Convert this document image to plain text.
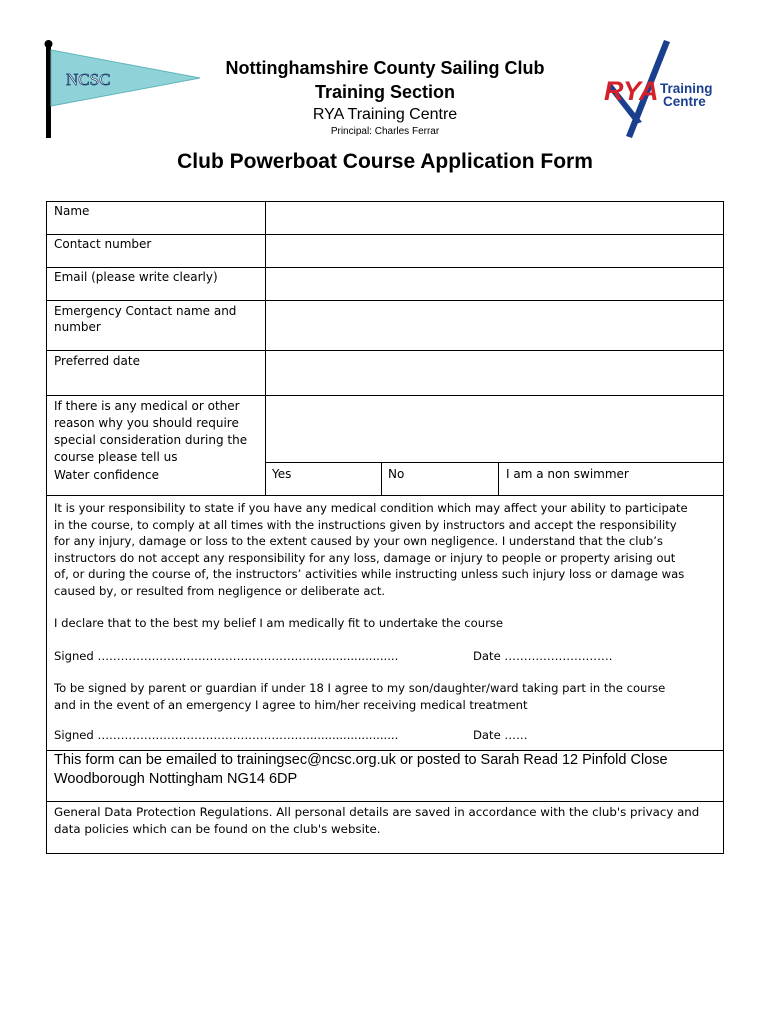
NCSC	RYA Training
Centre
Nottinghamshire County Sailing Club
Training Section
RYA Training Centre
Principal: Charles Ferrar
Club Powerboat Course Application Form
Name
Contact number
Email (please write clearly)
Emergency Contact name and
number
Preferred date
If there is any medical or other
reason why you should require
special consideration during the
course please tell us
Water confidence	Yes	No	I am a non swimmer
It is your responsibility to state if you have any medical condition which may affect your ability to participate
in the course, to comply at all times with the instructions given by instructors and accept the responsibility
for any injury, damage or loss to the extent caused by your own negligence. I understand that the club’s
instructors do not accept any responsibility for any loss, damage or injury to people or property arising out
of, or during the course of, the instructors’ activities while instructing unless such injury loss or damage was
caused by, or resulted from negligence or deliberate act.
I declare that to the best my belief I am medically fit to undertake the course
Signed ……………………………………………….........................	Date ……………………….
To be signed by parent or guardian if under 18 I agree to my son/daughter/ward taking part in the course
and in the event of an emergency I agree to him/her receiving medical treatment
Signed ……………………………………………….........................	Date ……
This form can be emailed to trainingsec@ncsc.org.uk or posted to Sarah Read 12 Pinfold Close
Woodborough Nottingham NG14 6DP
General Data Protection Regulations. All personal details are saved in accordance with the club's privacy and
data policies which can be found on the club's website.
